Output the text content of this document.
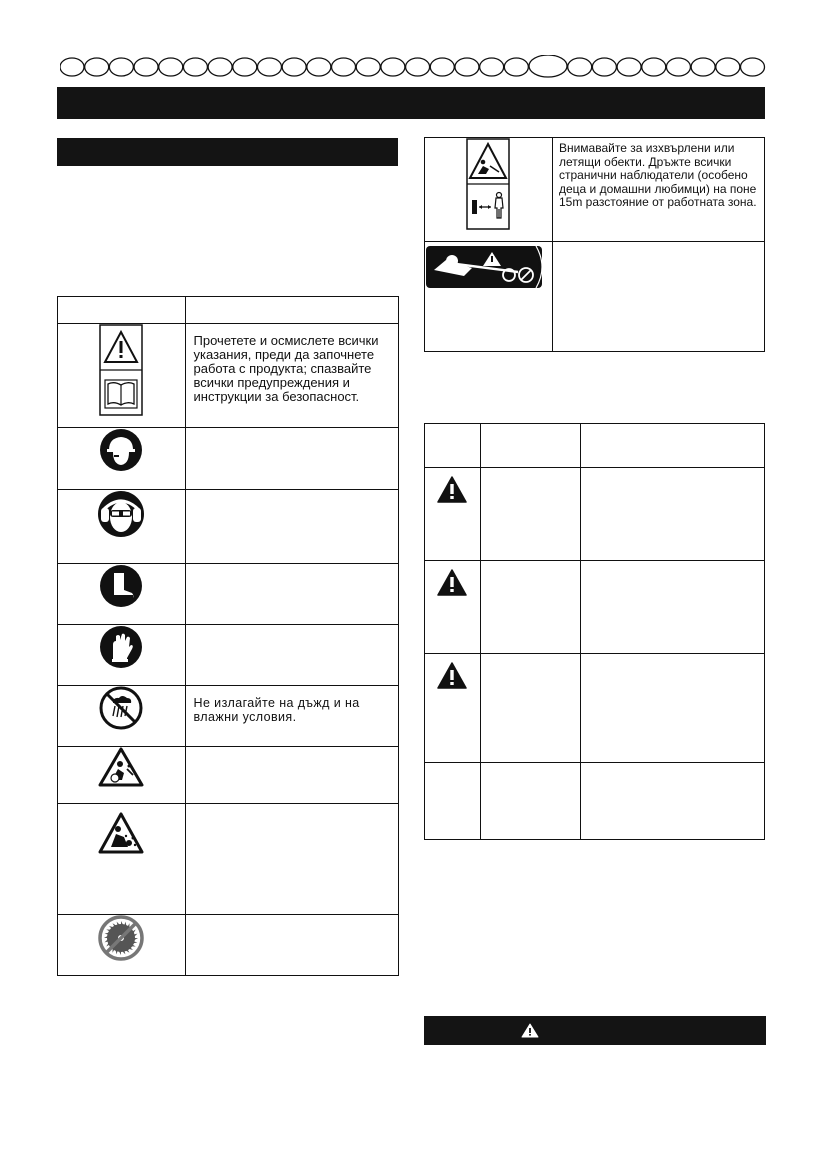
Прочетете и осмислете всички указания, преди да започнете работа с продукта; спазвайте всички предупреждения и инструкции за безопасност.

Не излагайте на дъжд и на влажни условия.

Внимавайте за изхвърлени или летящи обекти. Дръжте всички странични наблюдатели (особено деца и домашни любимци) на поне 15m разстояние от работната зона.
